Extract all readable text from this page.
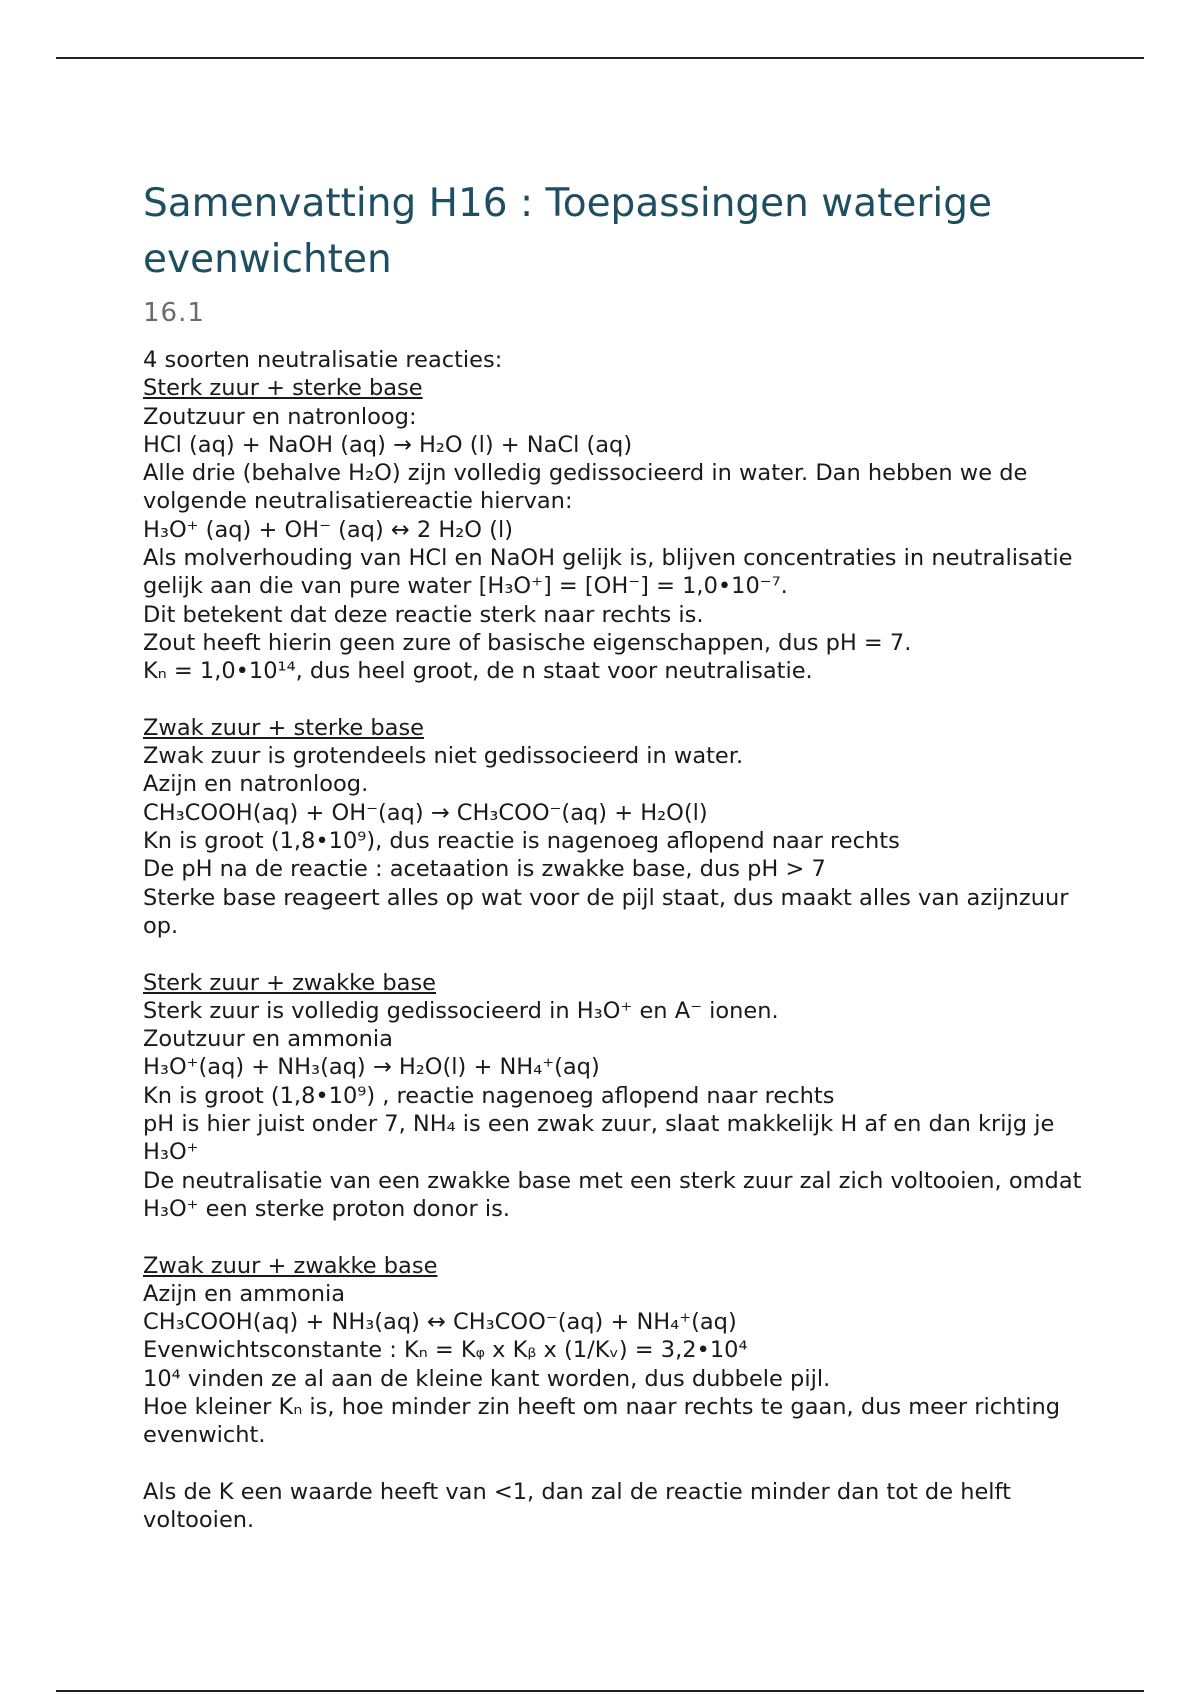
Samenvatting H16 : Toepassingen waterige evenwichten
16.1
4 soorten neutralisatie reacties:
Sterk zuur + sterke base
Zoutzuur en natronloog:
HCl (aq) + NaOH (aq) → H₂O (l) + NaCl (aq)
Alle drie (behalve H₂O) zijn volledig gedissocieerd in water. Dan hebben we de volgende neutralisatiereactie hiervan:
H₃O⁺ (aq) + OH⁻ (aq) ↔ 2 H₂O (l)
Als molverhouding van HCl en NaOH gelijk is, blijven concentraties in neutralisatie gelijk aan die van pure water [H₃O⁺] = [OH⁻] = 1,0•10⁻⁷.
Dit betekent dat deze reactie sterk naar rechts is.
Zout heeft hierin geen zure of basische eigenschappen, dus pH = 7.
Kₙ = 1,0•10¹⁴, dus heel groot, de n staat voor neutralisatie.
Zwak zuur + sterke base
Zwak zuur is grotendeels niet gedissocieerd in water.
Azijn en natronloog.
CH₃COOH(aq) + OH⁻(aq) → CH₃COO⁻(aq) + H₂O(l)
Kn is groot (1,8•10⁹), dus reactie is nagenoeg aflopend naar rechts
De pH na de reactie : acetaation is zwakke base, dus pH > 7
Sterke base reageert alles op wat voor de pijl staat, dus maakt alles van azijnzuur op.
Sterk zuur + zwakke base
Sterk zuur is volledig gedissocieerd in H₃O⁺ en A⁻ ionen.
Zoutzuur en ammonia
H₃O⁺(aq) + NH₃(aq) → H₂O(l) + NH₄⁺(aq)
Kn is groot (1,8•10⁹) , reactie nagenoeg aflopend naar rechts
pH is hier juist onder 7, NH₄ is een zwak zuur, slaat makkelijk H af en dan krijg je H₃O⁺
De neutralisatie van een zwakke base met een sterk zuur zal zich voltooien, omdat H₃O⁺ een sterke proton donor is.
Zwak zuur + zwakke base
Azijn en ammonia
CH₃COOH(aq) + NH₃(aq) ↔ CH₃COO⁻(aq) + NH₄⁺(aq)
Evenwichtsconstante : Kₙ = Kᵩ x Kᵦ x (1/Kᵥ) = 3,2•10⁴
10⁴ vinden ze al aan de kleine kant worden, dus dubbele pijl.
Hoe kleiner Kₙ is, hoe minder zin heeft om naar rechts te gaan, dus meer richting evenwicht.
Als de K een waarde heeft van <1, dan zal de reactie minder dan tot de helft voltooien.
